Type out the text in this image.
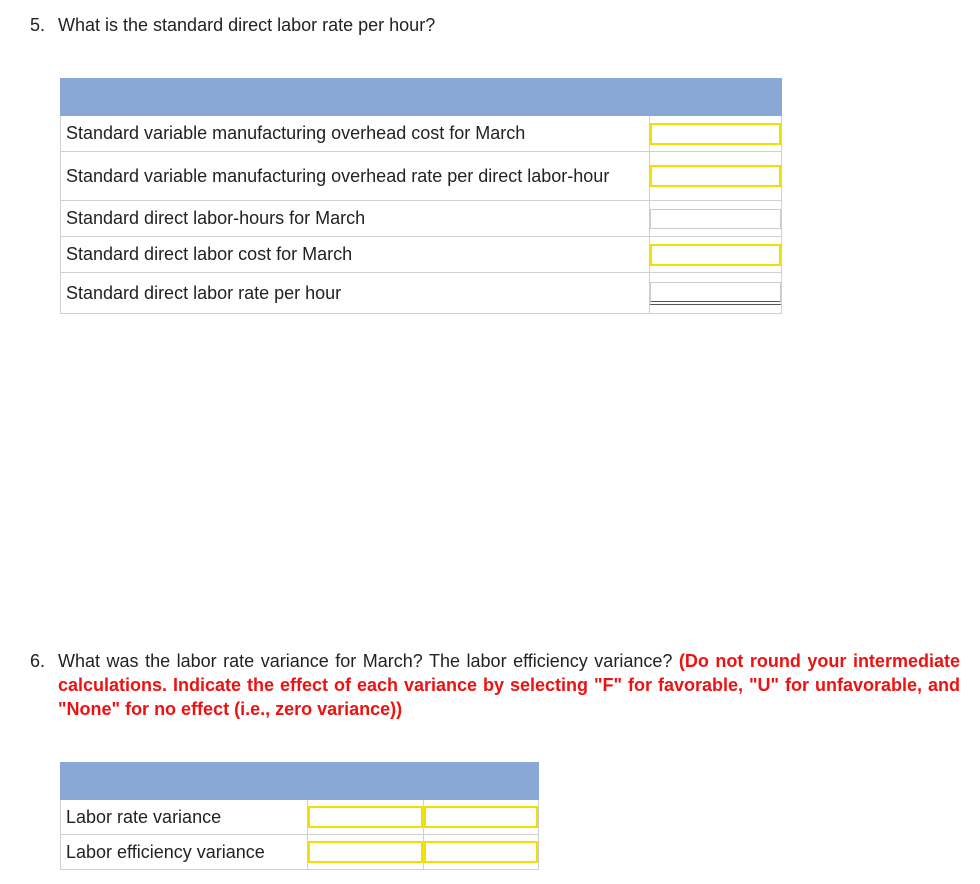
5. What is the standard direct labor rate per hour?

Standard variable manufacturing overhead cost for March	

Standard variable manufacturing overhead rate per direct labor-hour	

Standard direct labor-hours for March	

Standard direct labor cost for March	

Standard direct labor rate per hour	
6. What was the labor rate variance for March? The labor efficiency variance? (Do not round your intermediate calculations. Indicate the effect of each variance by selecting "F" for favorable, "U" for unfavorable, and "None" for no effect (i.e., zero variance))

Labor rate variance	

Labor efficiency variance	
